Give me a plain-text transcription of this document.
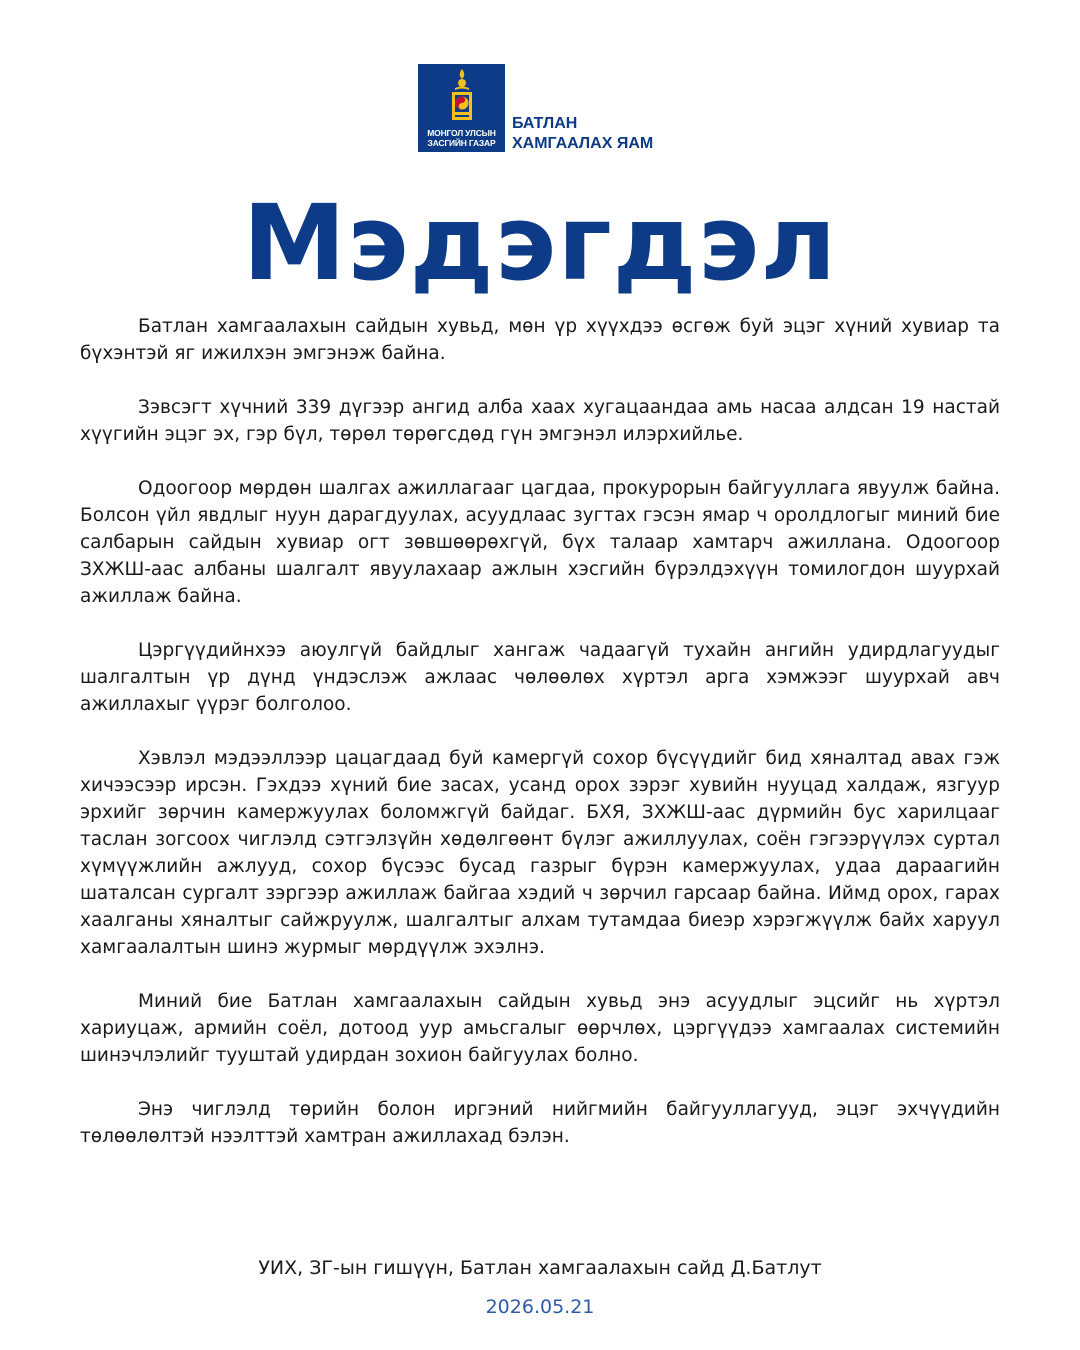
МОНГОЛ УЛСЫН
ЗАСГИЙН ГАЗАР
БАТЛАН
ХАМГААЛАХ ЯАМ
Мэдэгдэл

Батлан хамгаалахын сайдын хувьд, мөн үр хүүхдээ өсгөж буй эцэг хүний хувиар та бүхэнтэй яг ижилхэн эмгэнэж байна.

Зэвсэгт хүчний 339 дүгээр ангид алба хаах хугацаандаа амь насаа алдсан 19 настай хүүгийн эцэг эх, гэр бүл, төрөл төрөгсдөд гүн эмгэнэл илэрхийлье.

Одоогоор мөрдөн шалгах ажиллагааг цагдаа, прокурорын байгууллага явуулж байна. Болсон үйл явдлыг нуун дарагдуулах, асуудлаас зугтах гэсэн ямар ч оролдлогыг миний бие салбарын сайдын хувиар огт зөвшөөрөхгүй, бүх талаар хамтарч ажиллана. Одоогоор ЗХЖШ-аас албаны шалгалт явуулахаар ажлын хэсгийн бүрэлдэхүүн томилогдон шуурхай ажиллаж байна.

Цэргүүдийнхээ аюулгүй байдлыг хангаж чадаагүй тухайн ангийн удирдлагуудыг шалгалтын үр дүнд үндэслэж ажлаас чөлөөлөх хүртэл арга хэмжээг шуурхай авч ажиллахыг үүрэг болголоо.

Хэвлэл мэдээллээр цацагдаад буй камергүй сохор бүсүүдийг бид хяналтад авах гэж хичээсээр ирсэн. Гэхдээ хүний бие засах, усанд орох зэрэг хувийн нууцад халдаж, язгуур эрхийг зөрчин камержуулах боломжгүй байдаг. БХЯ, ЗХЖШ-аас дүрмийн бус харилцааг таслан зогсоох чиглэлд сэтгэлзүйн хөдөлгөөнт бүлэг ажиллуулах, соён гэгээрүүлэх суртал хүмүүжлийн ажлууд, сохор бүсээс бусад газрыг бүрэн камержуулах, удаа дараагийн шаталсан сургалт зэргээр ажиллаж байгаа хэдий ч зөрчил гарсаар байна. Иймд орох, гарах хаалганы хяналтыг сайжруулж, шалгалтыг алхам тутамдаа биеэр хэрэгжүүлж байх харуул хамгаалалтын шинэ журмыг мөрдүүлж эхэлнэ.

Миний бие Батлан хамгаалахын сайдын хувьд энэ асуудлыг эцсийг нь хүртэл хариуцаж, армийн соёл, дотоод уур амьсгалыг өөрчлөх, цэргүүдээ хамгаалах системийн шинэчлэлийг тууштай удирдан зохион байгуулах болно.

Энэ чиглэлд төрийн болон иргэний нийгмийн байгууллагууд, эцэг эхчүүдийн төлөөлөлтэй нээлттэй хамтран ажиллахад бэлэн.

УИХ, ЗГ-ын гишүүн, Батлан хамгаалахын сайд Д.Батлут
2026.05.21
